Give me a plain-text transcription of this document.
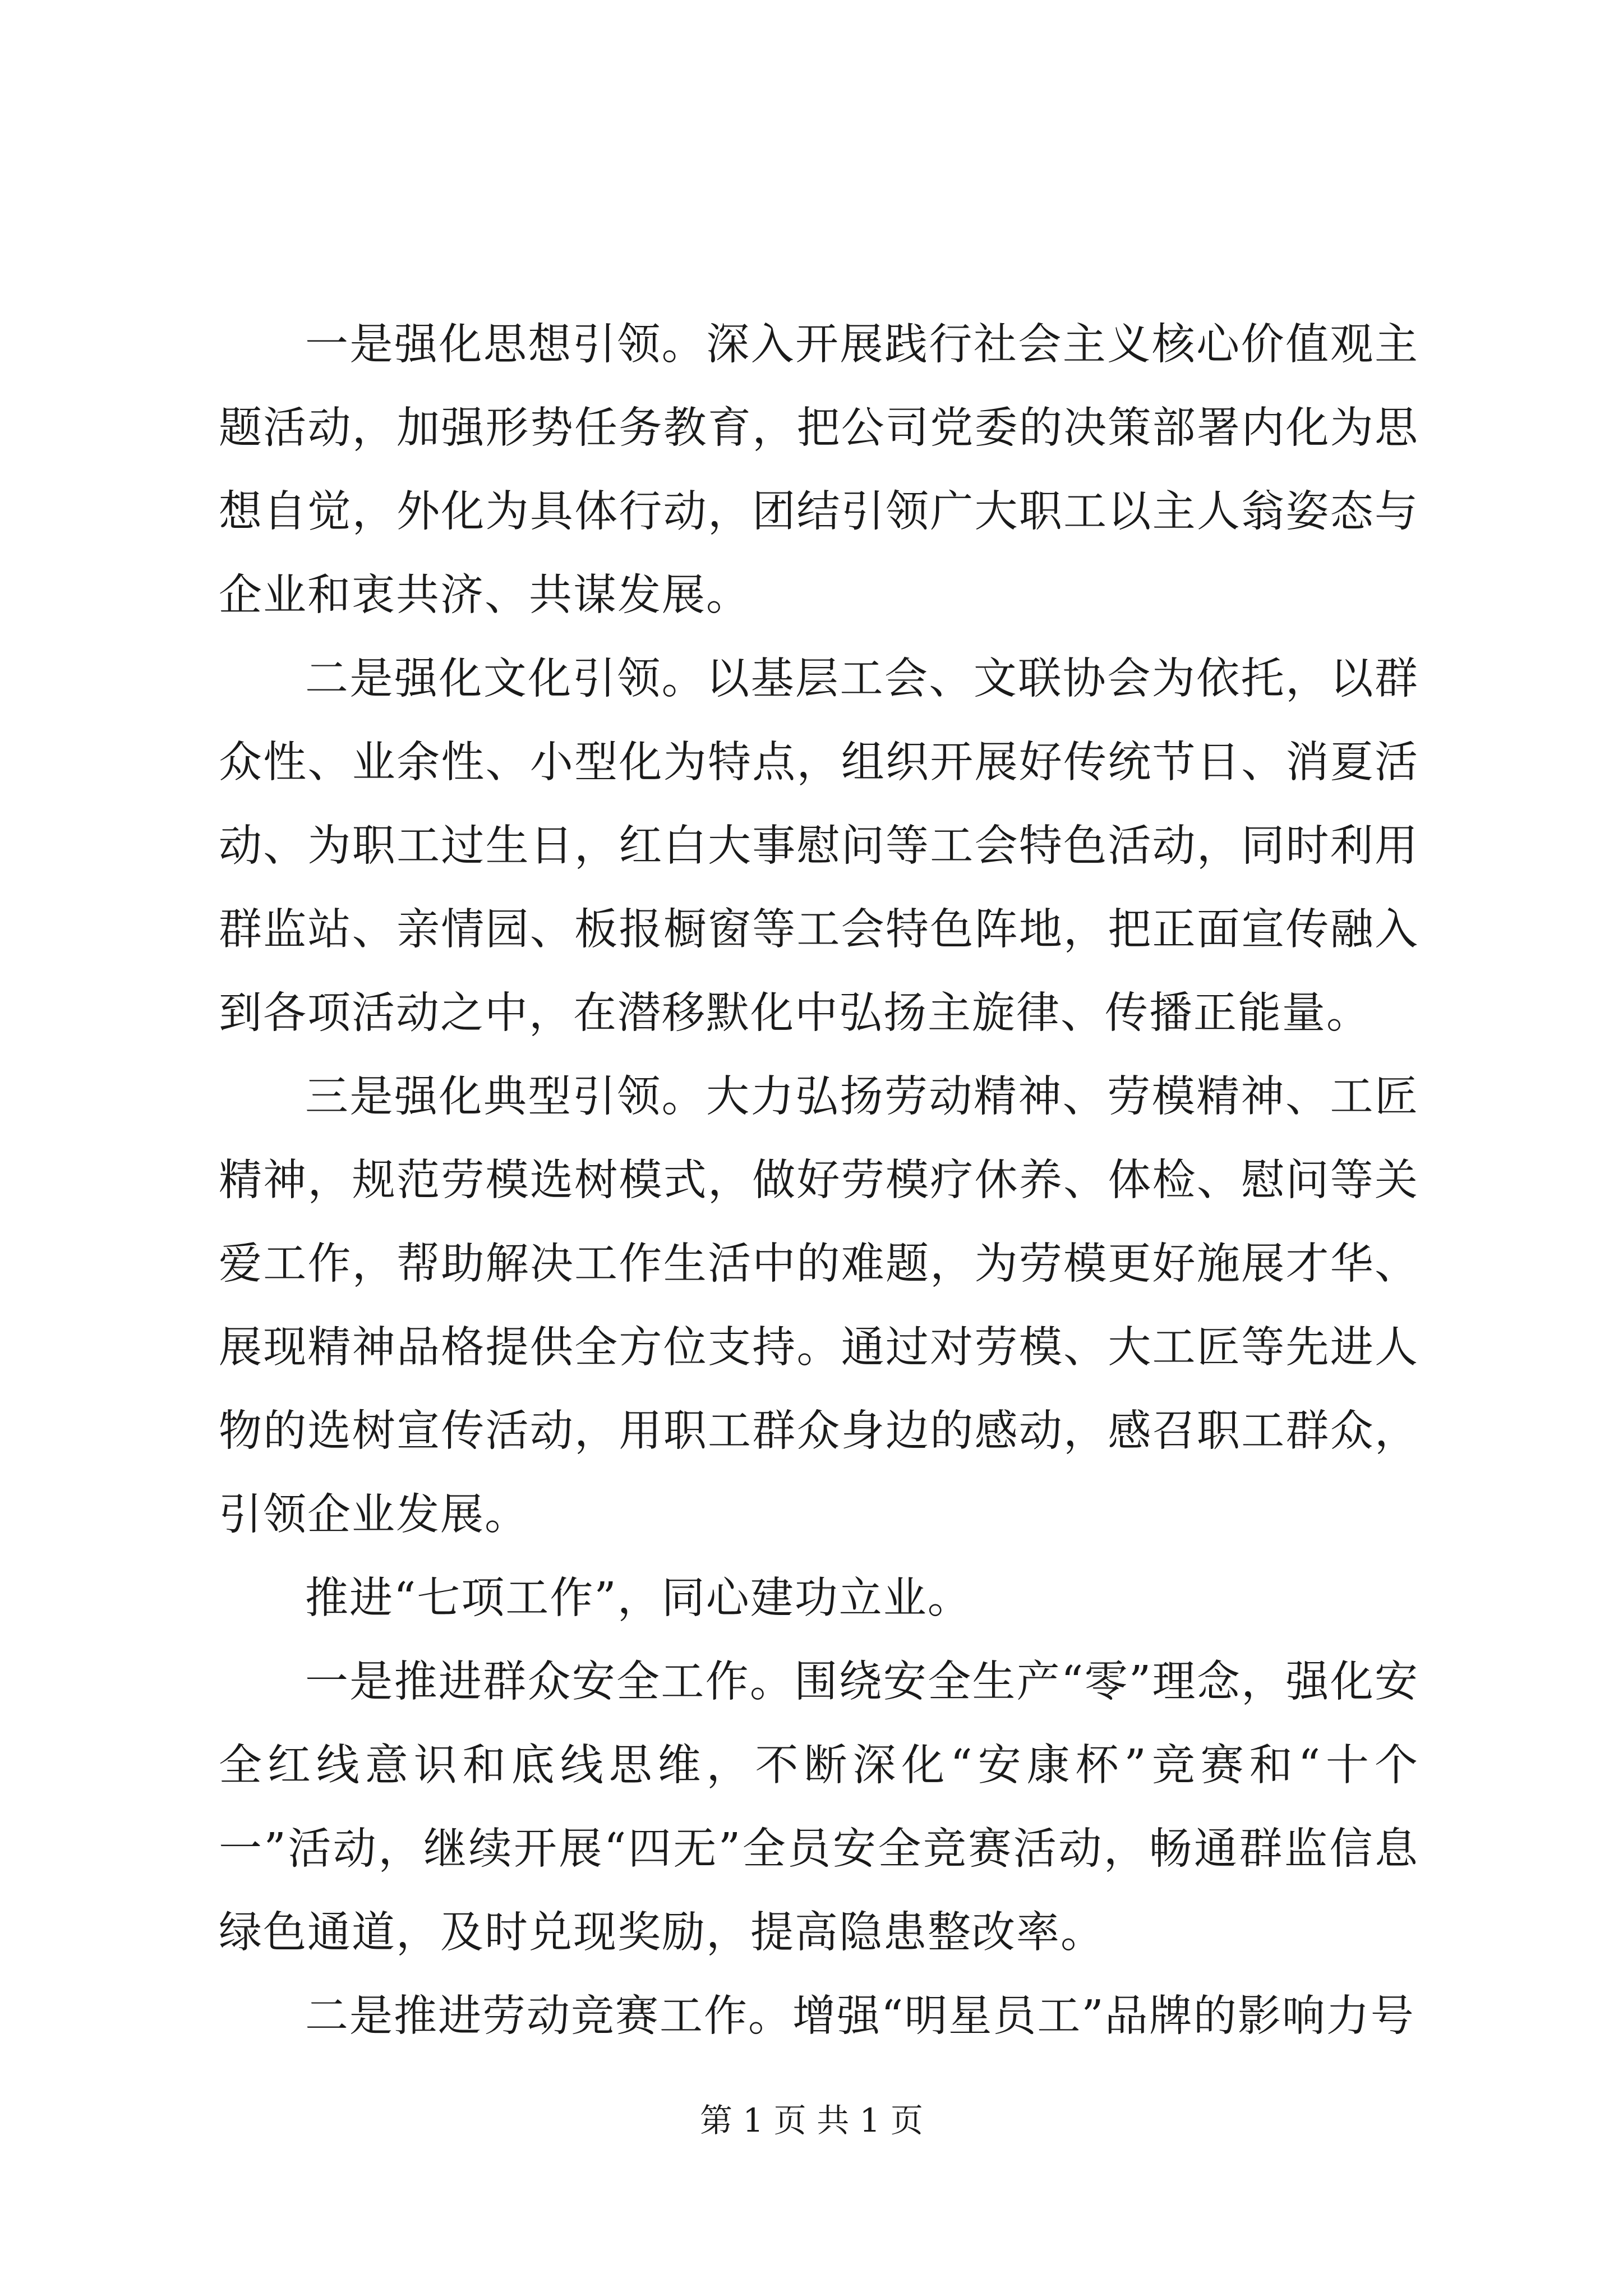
一是强化思想引领。深入开展践行社会主义核心价值观主题活动，加强形势任务教育，把公司党委的决策部署内化为思想自觉，外化为具体行动，团结引领广大职工以主人翁姿态与企业和衷共济、共谋发展。

二是强化文化引领。以基层工会、文联协会为依托，以群众性、业余性、小型化为特点，组织开展好传统节日、消夏活动、为职工过生日，红白大事慰问等工会特色活动，同时利用群监站、亲情园、板报橱窗等工会特色阵地，把正面宣传融入到各项活动之中，在潜移默化中弘扬主旋律、传播正能量。

三是强化典型引领。大力弘扬劳动精神、劳模精神、工匠精神，规范劳模选树模式，做好劳模疗休养、体检、慰问等关爱工作，帮助解决工作生活中的难题，为劳模更好施展才华、展现精神品格提供全方位支持。通过对劳模、大工匠等先进人物的选树宣传活动，用职工群众身边的感动，感召职工群众，引领企业发展。

推进“七项工作”，同心建功立业。

一是推进群众安全工作。围绕安全生产“零”理念，强化安全红线意识和底线思维，不断深化“安康杯”竞赛和“十个一”活动，继续开展“四无”全员安全竞赛活动，畅通群监信息绿色通道，及时兑现奖励，提高隐患整改率。

二是推进劳动竞赛工作。增强“明星员工”品牌的影响力号

第 1 页 共 1 页
